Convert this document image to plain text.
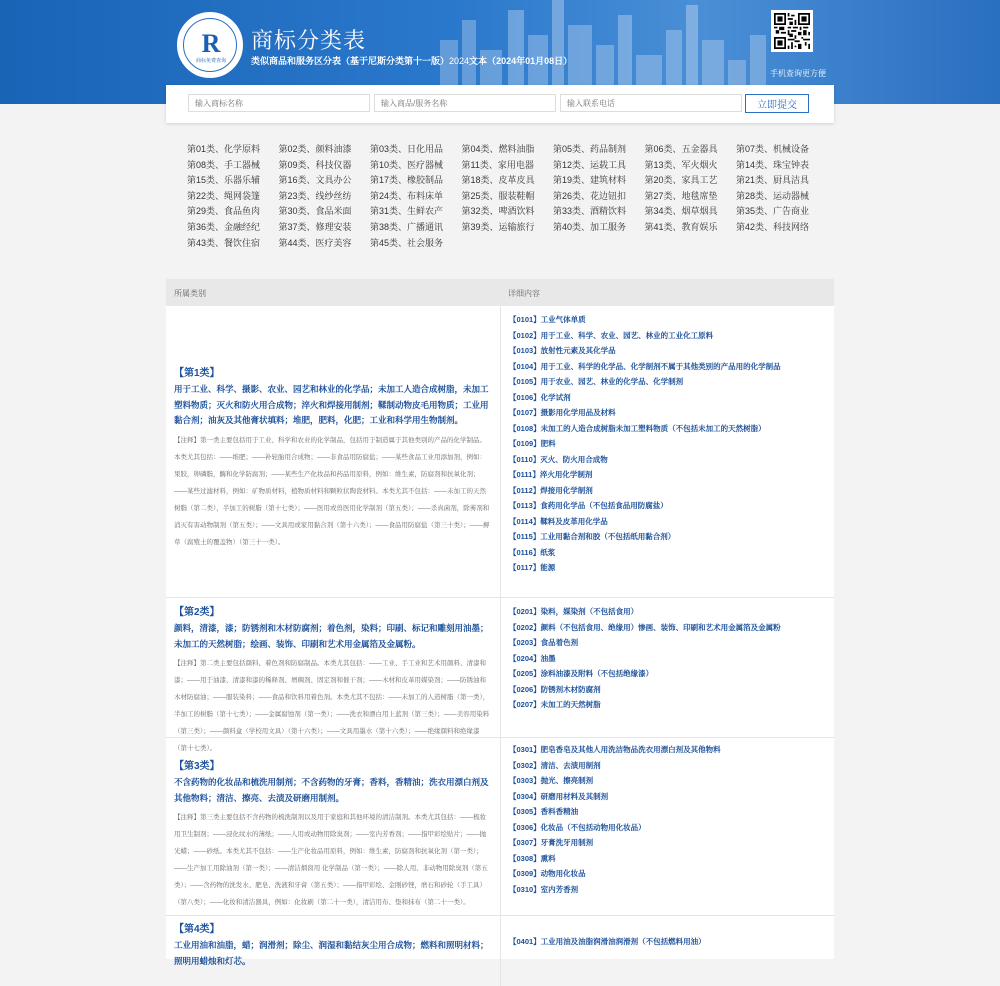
R
商标免费查询
商标分类表
类似商品和服务区分表（基于尼斯分类第十一版）2024文本（2024年01月08日）
手机查询更方便
输入商标名称
输入商品/服务名称
输入联系电话
立即提交
第01类、化学原料 第02类、颜料油漆 第03类、日化用品 第04类、燃料油脂 第05类、药品制剂 第06类、五金器具 第07类、机械设备
第08类、手工器械 第09类、科技仪器 第10类、医疗器械 第11类、家用电器 第12类、运载工具 第13类、军火烟火 第14类、珠宝钟表
第15类、乐器乐辅 第16类、文具办公 第17类、橡胶制品 第18类、皮革皮具 第19类、建筑材料 第20类、家具工艺 第21类、厨具洁具
第22类、绳网袋篷 第23类、线纱丝纺 第24类、布料床单 第25类、服装鞋帽 第26类、花边钮扣 第27类、地毯席垫 第28类、运动器械
第29类、食品鱼肉 第30类、食品米面 第31类、生鲜农产 第32类、啤酒饮料 第33类、酒精饮料 第34类、烟草烟具 第35类、广告商业
第36类、金融经纪 第37类、修理安装 第38类、广播通讯 第39类、运输旅行 第40类、加工服务 第41类、教育娱乐 第42类、科技网络
第43类、餐饮住宿 第44类、医疗美容 第45类、社会服务
所属类别	详细内容
【第1类】
用于工业、科学、摄影、农业、园艺和林业的化学品；未加工人造合成树脂，未加工塑料物质；灭火和防火用合成物；淬火和焊接用制剂；鞣制动物皮毛用物质；工业用黏合剂；油灰及其他膏状填料；堆肥，肥料，化肥；工业和科学用生物制剂。
【注释】第一类主要包括用于工业、科学和农业的化学制品，包括用于制造属于其他类别的产品的化学制品。本类尤其包括：——堆肥；——补轮胎用合成物；——非食品用防腐盐；——某些食品工业用添加剂，例如：果胶，卵磷脂，酶和化学防腐剂；——某些生产化妆品和药品用原料，例如：维生素，防腐剂和抗氧化剂；——某些过滤材料，例如：矿物质材料，植物质材料和颗粒状陶瓷材料。本类尤其不包括：——未加工的天然树脂（第二类），半加工的树脂（第十七类）；——医用或兽医用化学制剂（第五类）；——杀真菌剂，除莠剂和消灭有害动物制剂（第五类）；——文具用或家用黏合剂（第十六类）；——食品用防腐盐（第三十类）；——褥草（腐殖土的覆盖物）（第三十一类）。
【0101】工业气体单质
【0102】用于工业、科学、农业、园艺、林业的工业化工原料
【0103】放射性元素及其化学品
【0104】用于工业、科学的化学品、化学制剂不属于其他类别的产品用的化学制品
【0105】用于农业、园艺、林业的化学品、化学制剂
【0106】化学试剂
【0107】摄影用化学用品及材料
【0108】未加工的人造合成树脂未加工塑料物质（不包括未加工的天然树脂）
【0109】肥料
【0110】灭火、防火用合成物
【0111】淬火用化学制剂
【0112】焊接用化学制剂
【0113】食药用化学品（不包括食品用防腐盐）
【0114】鞣料及皮革用化学品
【0115】工业用黏合剂和胶（不包括纸用黏合剂）
【0116】纸浆
【0117】能源
【第2类】
颜料，清漆，漆；防锈剂和木材防腐剂；着色剂，染料；印刷、标记和雕刻用油墨；未加工的天然树脂；绘画、装饰、印刷和艺术用金属箔及金属粉。
【注释】第二类主要包括颜料、着色剂和防腐制品。本类尤其包括：——工业、手工业和艺术用颜料、清漆和漆；——用于油漆、清漆和漆的稀释剂、增稠剂、固定剂和催干剂；——木材和皮革用媒染剂；——防锈油和木材防腐油；——服装染料；——食品和饮料用着色剂。本类尤其不包括：——未加工的人造树脂（第一类），半加工的树脂（第十七类）；——金属腐蚀剂（第一类）；——洗衣和漂白用上蓝剂（第三类）；——美容用染料（第三类）；——颜料盒（学校用文具）（第十六类）；——文具用墨水（第十六类）；——绝缘颜料和绝缘漆（第十七类）。
【0201】染料，媒染剂（不包括食用）
【0202】颜料（不包括食用、绝缘用）惨画、装饰、印刷和艺术用金属箔及金属粉
【0203】食品着色剂
【0204】油墨
【0205】涂料油漆及附料（不包括绝缘漆）
【0206】防锈剂木材防腐剂
【0207】未加工的天然树脂
【第3类】
不含药物的化妆品和梳洗用制剂；不含药物的牙膏；香料，香精油；洗衣用漂白剂及其他物料；清洁、擦亮、去渍及研磨用制剂。
【注释】第三类主要包括不含药物的梳洗制剂以及用于家庭和其他环境的清洁制剂。本类尤其包括：——梳妆用卫生制剂；——浸化纹水的薄纸；——人用或动物用除臭剂；——室内芳香剂；——指甲彩绘贴片；——抛光蜡；——砂纸。本类尤其不包括：——生产化妆品用原料，例如：维生素，防腐剂和抗氧化剂（第一类）；——生产加工用除油剂（第一类）；——清洁烟囱用 化学制品（第一类）；——除人用、非动物用除臭剂（第五类）；——含药物的洗发水、肥皂、洗液和牙膏（第五类）；——指甲彩绘、金刚砂锉，磨石和砂轮（手工具）（第八类）；——化妆和清洁器具，例如：化妆刷（第二十一类），清洁用布、垫和抹布（第二十一类）。
【0301】肥皂香皂及其他人用洗洁物品洗衣用漂白剂及其他物料
【0302】清洁、去渍用制剂
【0303】抛光、擦亮制剂
【0304】研磨用材料及其制剂
【0305】香料香精油
【0306】化妆品（不包括动物用化妆品）
【0307】牙膏洗牙用制剂
【0308】熏料
【0309】动物用化妆品
【0310】室内芳香剂
【第4类】
工业用油和油脂，蜡；润滑剂；除尘、润湿和黏结灰尘用合成物；燃料和照明材料；照明用蜡烛和灯芯。
【0401】工业用油及油脂润滑油润滑剂（不包括燃料用油）
